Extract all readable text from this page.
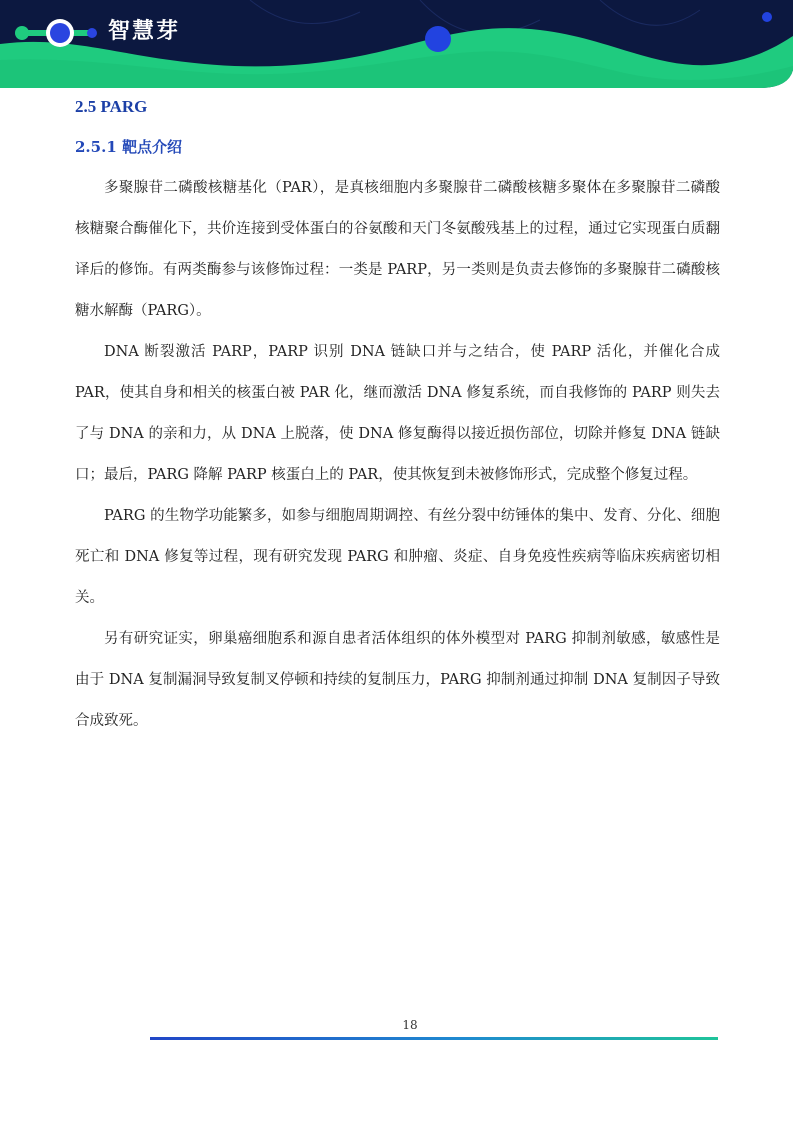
智慧芽
2.5 PARG
2.5.1 靶点介绍

多聚腺苷二磷酸核糖基化（PAR），是真核细胞内多聚腺苷二磷酸核糖多聚体在多聚腺苷二磷酸核糖聚合酶催化下，共价连接到受体蛋白的谷氨酸和天门冬氨酸残基上的过程，通过它实现蛋白质翻译后的修饰。有两类酶参与该修饰过程：一类是 PARP，另一类则是负责去修饰的多聚腺苷二磷酸核糖水解酶（PARG）。

DNA 断裂激活 PARP，PARP 识别 DNA 链缺口并与之结合，使 PARP 活化，并催化合成 PAR，使其自身和相关的核蛋白被 PAR 化，继而激活 DNA 修复系统，而自我修饰的 PARP 则失去了与 DNA 的亲和力，从 DNA 上脱落，使 DNA 修复酶得以接近损伤部位，切除并修复 DNA 链缺口；最后，PARG 降解 PARP 核蛋白上的 PAR，使其恢复到未被修饰形式，完成整个修复过程。

PARG 的生物学功能繁多，如参与细胞周期调控、有丝分裂中纺锤体的集中、发育、分化、细胞死亡和 DNA 修复等过程，现有研究发现 PARG 和肿瘤、炎症、自身免疫性疾病等临床疾病密切相关。

另有研究证实，卵巢癌细胞系和源自患者活体组织的体外模型对 PARG 抑制剂敏感，敏感性是由于 DNA 复制漏洞导致复制叉停顿和持续的复制压力，PARG 抑制剂通过抑制 DNA 复制因子导致合成致死。

18
